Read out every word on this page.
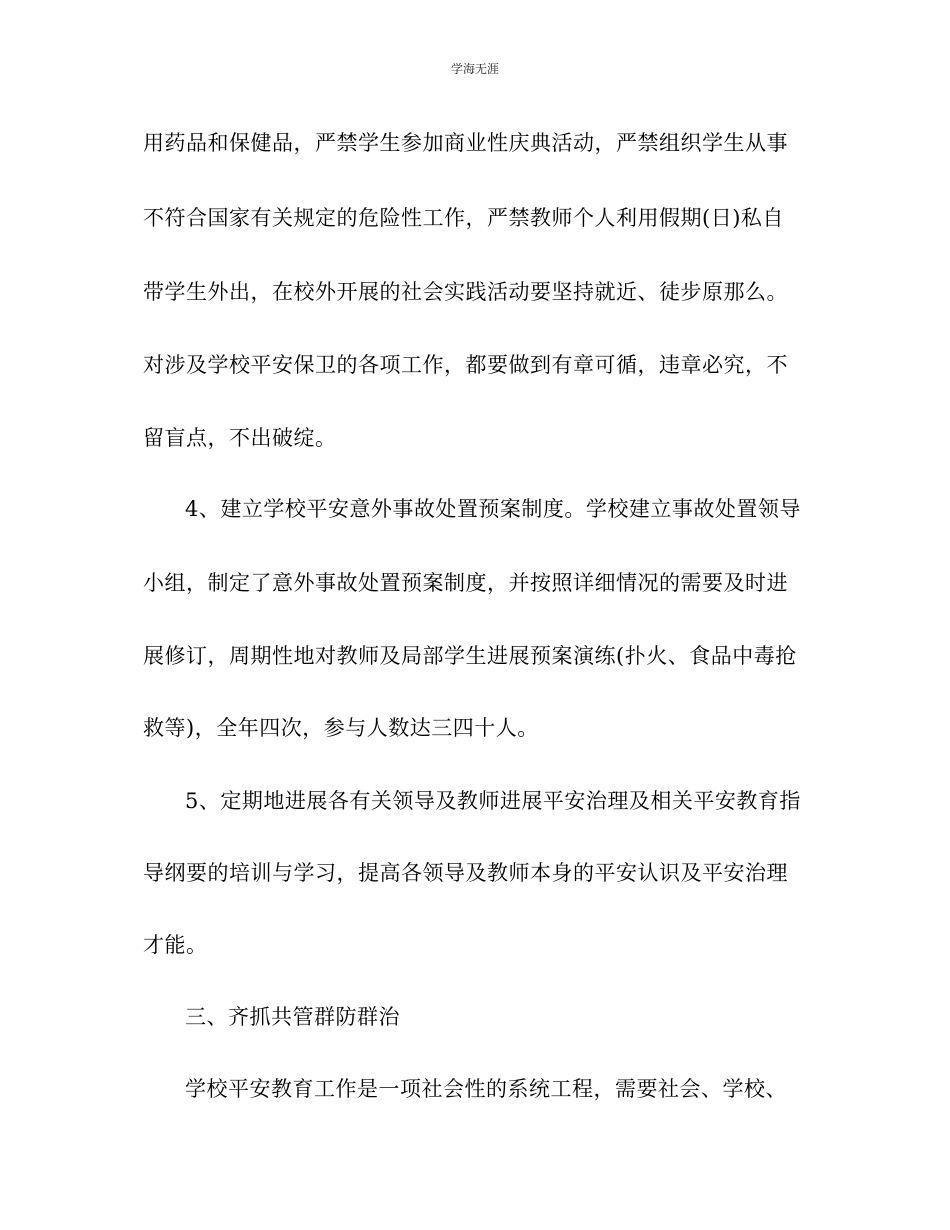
学海无涯
用药品和保健品，严禁学生参加商业性庆典活动，严禁组织学生从事
不符合国家有关规定的危险性工作，严禁教师个人利用假期(日)私自
带学生外出，在校外开展的社会实践活动要坚持就近、徒步原那么。
对涉及学校平安保卫的各项工作，都要做到有章可循，违章必究，不
留盲点，不出破绽。
4、建立学校平安意外事故处置预案制度。学校建立事故处置领导
小组，制定了意外事故处置预案制度，并按照详细情况的需要及时进
展修订，周期性地对教师及局部学生进展预案演练(扑火、食品中毒抢
救等)，全年四次，参与人数达三四十人。
5、定期地进展各有关领导及教师进展平安治理及相关平安教育指
导纲要的培训与学习，提高各领导及教师本身的平安认识及平安治理
才能。
三、齐抓共管群防群治
学校平安教育工作是一项社会性的系统工程，需要社会、学校、
